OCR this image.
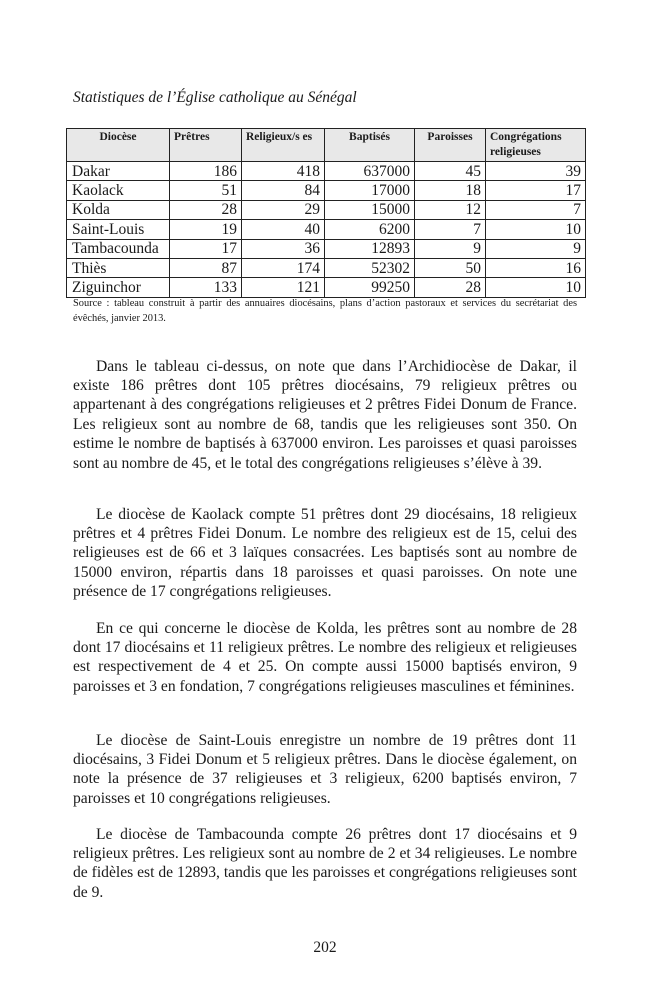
Statistiques de l’Église catholique au Sénégal
Diocèse	Prêtres	Religieux/s es	Baptisés	Paroisses	Congrégations religieuses
Dakar	186	418	637000	45	39
Kaolack	51	84	17000	18	17
Kolda	28	29	15000	12	7
Saint-Louis	19	40	6200	7	10
Tambacounda	17	36	12893	9	9
Thiès	87	174	52302	50	16
Ziguinchor	133	121	99250	28	10
Source : tableau construit à partir des annuaires diocésains, plans d’action pastoraux et services du secrétariat des évêchés, janvier 2013.

Dans le tableau ci-dessus, on note que dans l’Archidiocèse de Dakar, il existe 186 prêtres dont 105 prêtres diocésains, 79 religieux prêtres ou appartenant à des congrégations religieuses et 2 prêtres Fidei Donum de France. Les religieux sont au nombre de 68, tandis que les religieuses sont 350. On estime le nombre de baptisés à 637000 environ. Les paroisses et quasi paroisses sont au nombre de 45, et le total des congrégations religieuses s’élève à 39.

Le diocèse de Kaolack compte 51 prêtres dont 29 diocésains, 18 religieux prêtres et 4 prêtres Fidei Donum. Le nombre des religieux est de 15, celui des religieuses est de 66 et 3 laïques consacrées. Les baptisés sont au nombre de 15000 environ, répartis dans 18 paroisses et quasi paroisses. On note une présence de 17 congrégations religieuses.

En ce qui concerne le diocèse de Kolda, les prêtres sont au nombre de 28 dont 17 diocésains et 11 religieux prêtres. Le nombre des religieux et religieuses est respectivement de 4 et 25. On compte aussi 15000 baptisés environ, 9 paroisses et 3 en fondation, 7 congrégations religieuses masculines et féminines.

Le diocèse de Saint-Louis enregistre un nombre de 19 prêtres dont 11 diocésains, 3 Fidei Donum et 5 religieux prêtres. Dans le diocèse également, on note la présence de 37 religieuses et 3 religieux, 6200 baptisés environ, 7 paroisses et 10 congrégations religieuses.

Le diocèse de Tambacounda compte 26 prêtres dont 17 diocésains et 9 religieux prêtres. Les religieux sont au nombre de 2 et 34 religieuses. Le nombre de fidèles est de 12893, tandis que les paroisses et congrégations religieuses sont de 9.

202
